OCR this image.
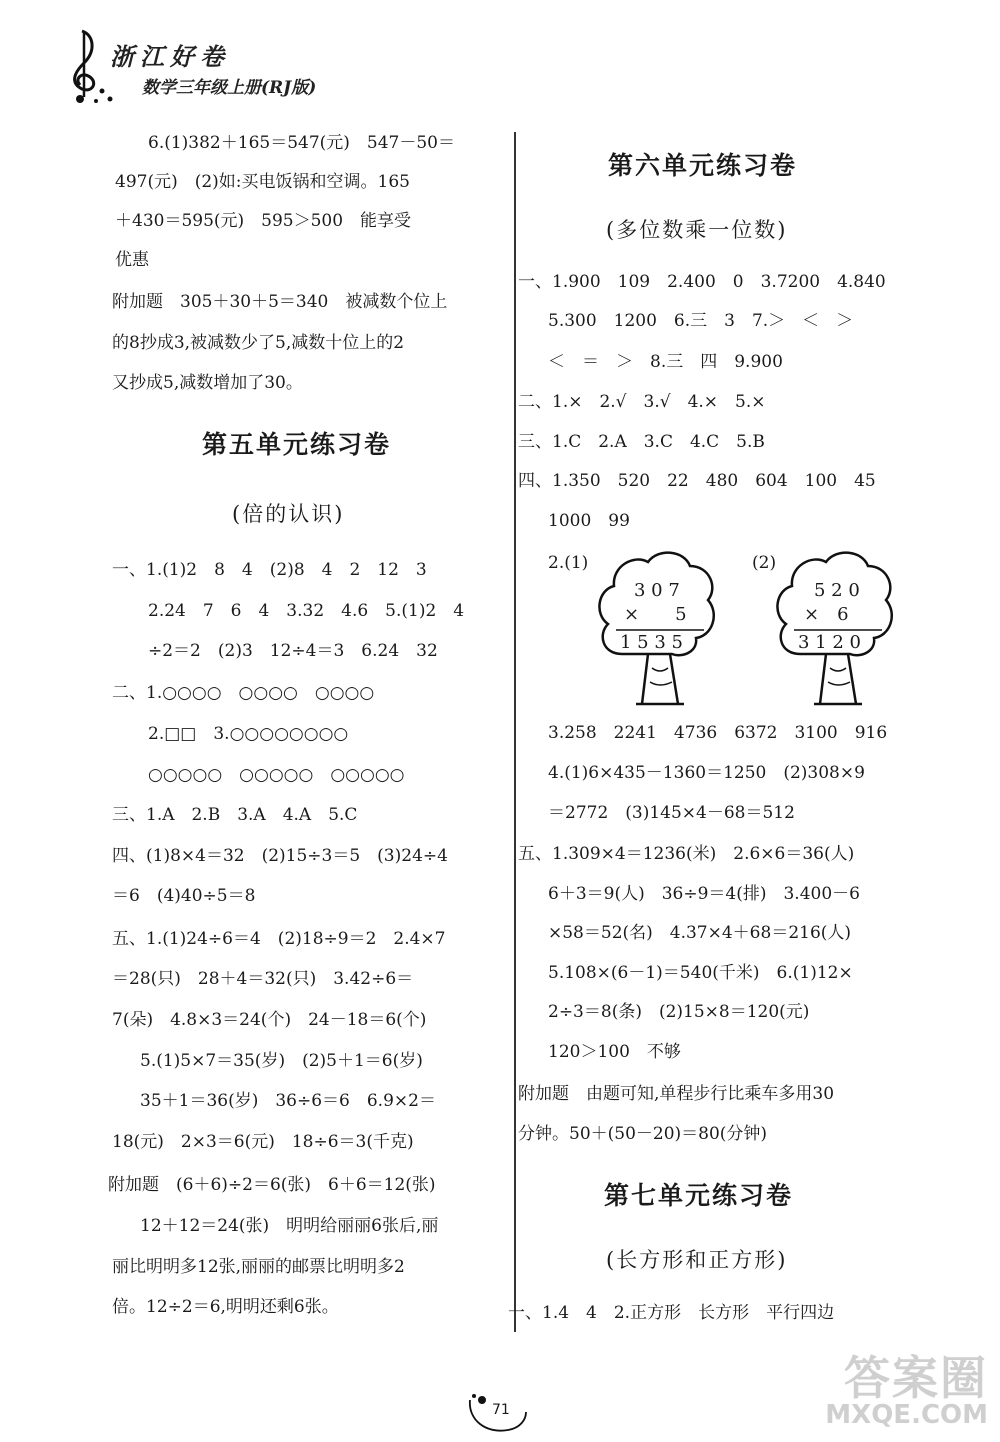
浙江好卷
数学三年级上册(RJ版)
6.(1)382＋165＝547(元)　547－50＝
497(元)　(2)如:买电饭锅和空调。165
＋430＝595(元)　595＞500　能享受
优惠
附加题　305＋30＋5＝340　被减数个位上
的8抄成3,被减数少了5,减数十位上的2
又抄成5,减数增加了30。
第五单元练习卷
(倍的认识)
一、1.(1)2　8　4　(2)8　4　2　12　3
2.24　7　6　4　3.32　4.6　5.(1)2　4
÷2＝2　(2)3　12÷4＝3　6.24　32
二、1.○○○○　○○○○　○○○○
2.□□　3.○○○○○○○○
○○○○○　○○○○○　○○○○○
三、1.A　2.B　3.A　4.A　5.C
四、(1)8×4＝32　(2)15÷3＝5　(3)24÷4
＝6　(4)40÷5＝8
五、1.(1)24÷6＝4　(2)18÷9＝2　2.4×7
＝28(只)　28＋4＝32(只)　3.42÷6＝
7(朵)　4.8×3＝24(个)　24－18＝6(个)
5.(1)5×7＝35(岁)　(2)5＋1＝6(岁)
35＋1＝36(岁)　36÷6＝6　6.9×2＝
18(元)　2×3＝6(元)　18÷6＝3(千克)
附加题　(6＋6)÷2＝6(张)　6＋6＝12(张)
12＋12＝24(张)　明明给丽丽6张后,丽
丽比明明多12张,丽丽的邮票比明明多2
倍。12÷2＝6,明明还剩6张。
第六单元练习卷
(多位数乘一位数)
一、1.900　109　2.400　0　3.7200　4.840
5.300　1200　6.三　3　7.＞　＜　＞
＜　＝　＞　8.三　四　9.900
二、1.×　2.√　3.√　4.×　5.×
三、1.C　2.A　3.C　4.C　5.B
四、1.350　520　22　480　604　100　45
1000　99
2.(1)	(2)
3 0 7
×　　5
1 5 3 5
5 2 0
×　6
3 1 2 0
3.258　2241　4736　6372　3100　916
4.(1)6×435－1360＝1250　(2)308×9
＝2772　(3)145×4－68＝512
五、1.309×4＝1236(米)　2.6×6＝36(人)
6＋3＝9(人)　36÷9＝4(排)　3.400－6
×58＝52(名)　4.37×4＋68＝216(人)
5.108×(6－1)＝540(千米)　6.(1)12×
2÷3＝8(条)　(2)15×8＝120(元)
120＞100　不够
附加题　由题可知,单程步行比乘车多用30
分钟。50＋(50－20)＝80(分钟)
第七单元练习卷
(长方形和正方形)
一、1.4　4　2.正方形　长方形　平行四边
71
答案圈
MXQE.COM
